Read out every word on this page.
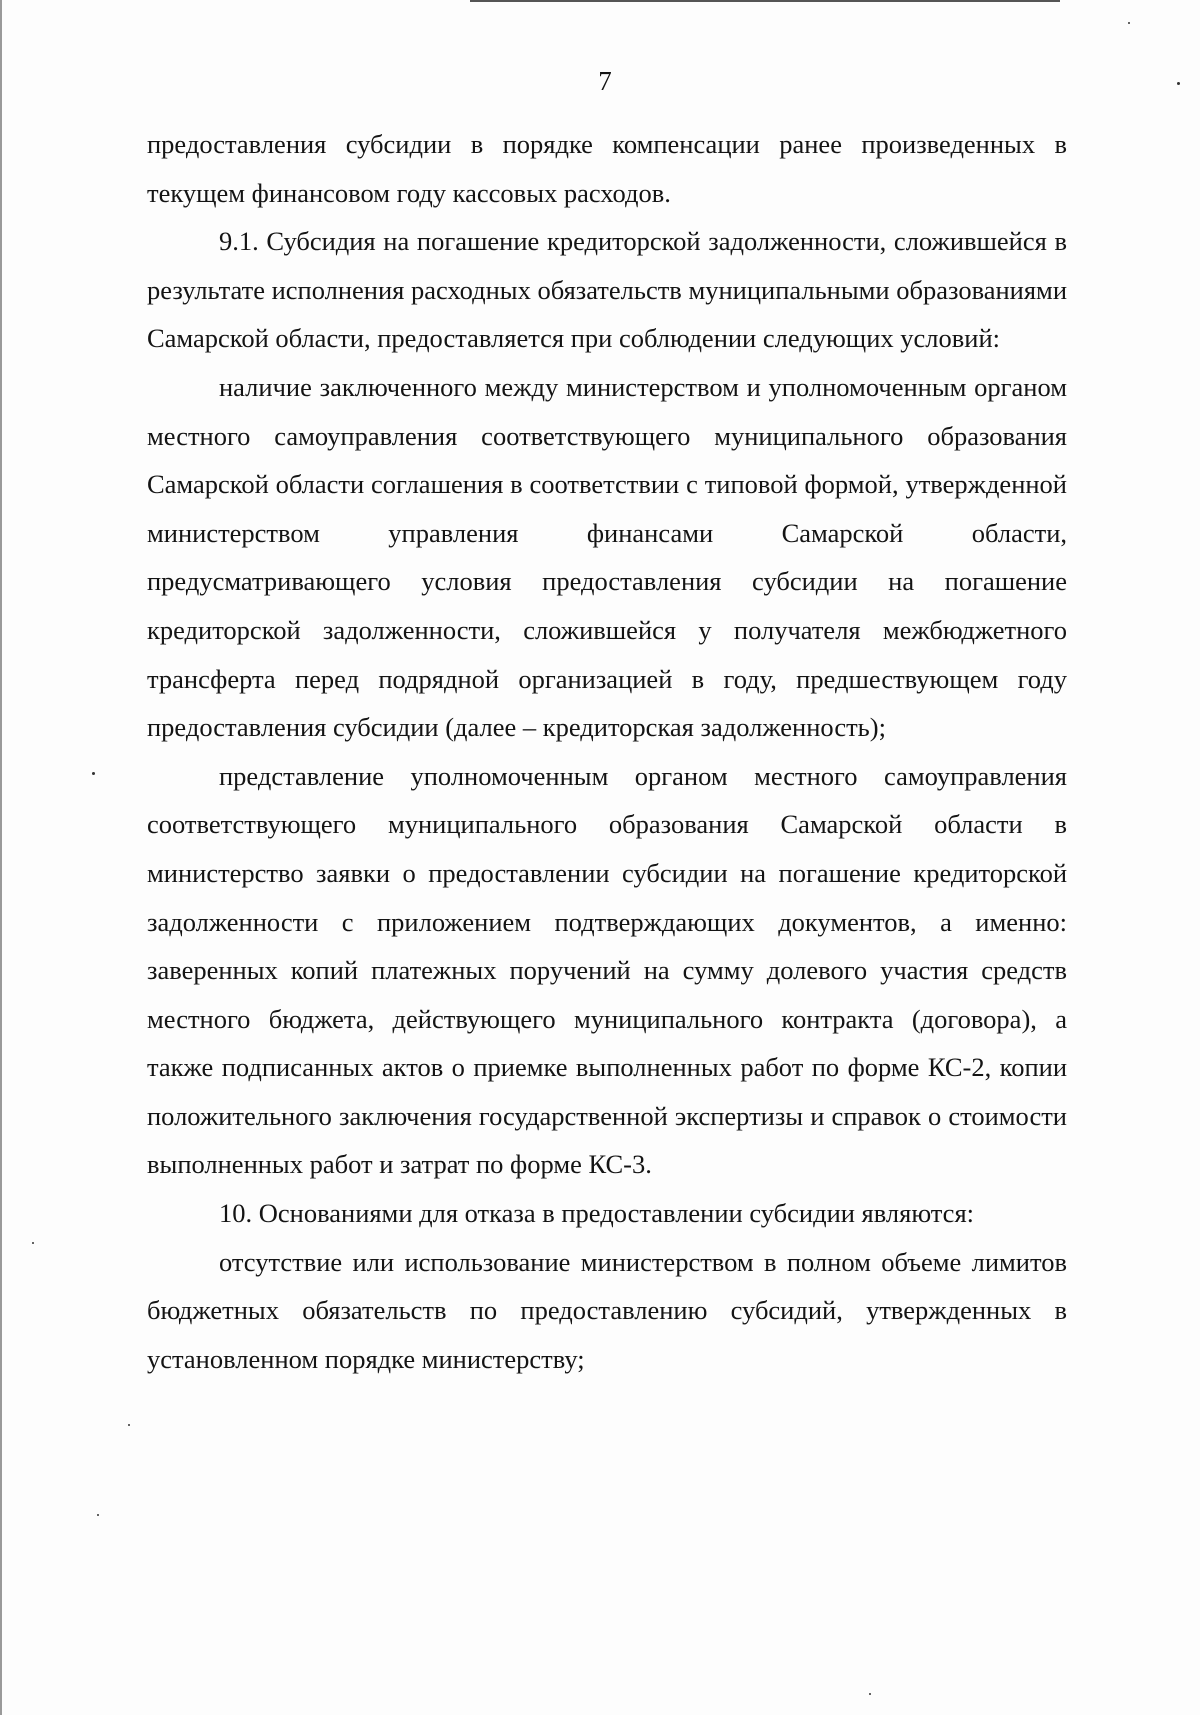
7

предоставления субсидии в порядке компенсации ранее произведенных в текущем финансовом году кассовых расходов.

9.1. Субсидия на погашение кредиторской задолженности, сложившейся в результате исполнения расходных обязательств муниципальными образованиями Самарской области, предоставляется при соблюдении следующих условий:

наличие заключенного между министерством и уполномоченным органом местного самоуправления соответствующего муниципального образования Самарской области соглашения в соответствии с типовой формой, утвержденной министерством управления финансами Самарской области, предусматривающего условия предоставления субсидии на погашение кредиторской задолженности, сложившейся у получателя межбюджетного трансферта перед подрядной организацией в году, предшествующем году предоставления субсидии (далее – кредиторская задолженность);

представление уполномоченным органом местного самоуправления соответствующего муниципального образования Самарской области в министерство заявки о предоставлении субсидии на погашение кредиторской задолженности с приложением подтверждающих документов, а именно: заверенных копий платежных поручений на сумму долевого участия средств местного бюджета, действующего муниципального контракта (договора), а также подписанных актов о приемке выполненных работ по форме КС-2, копии положительного заключения государственной экспертизы и справок о стоимости выполненных работ и затрат по форме КС-3.

10. Основаниями для отказа в предоставлении субсидии являются:

отсутствие или использование министерством в полном объеме лимитов бюджетных обязательств по предоставлению субсидий, утвержденных в установленном порядке министерству;
